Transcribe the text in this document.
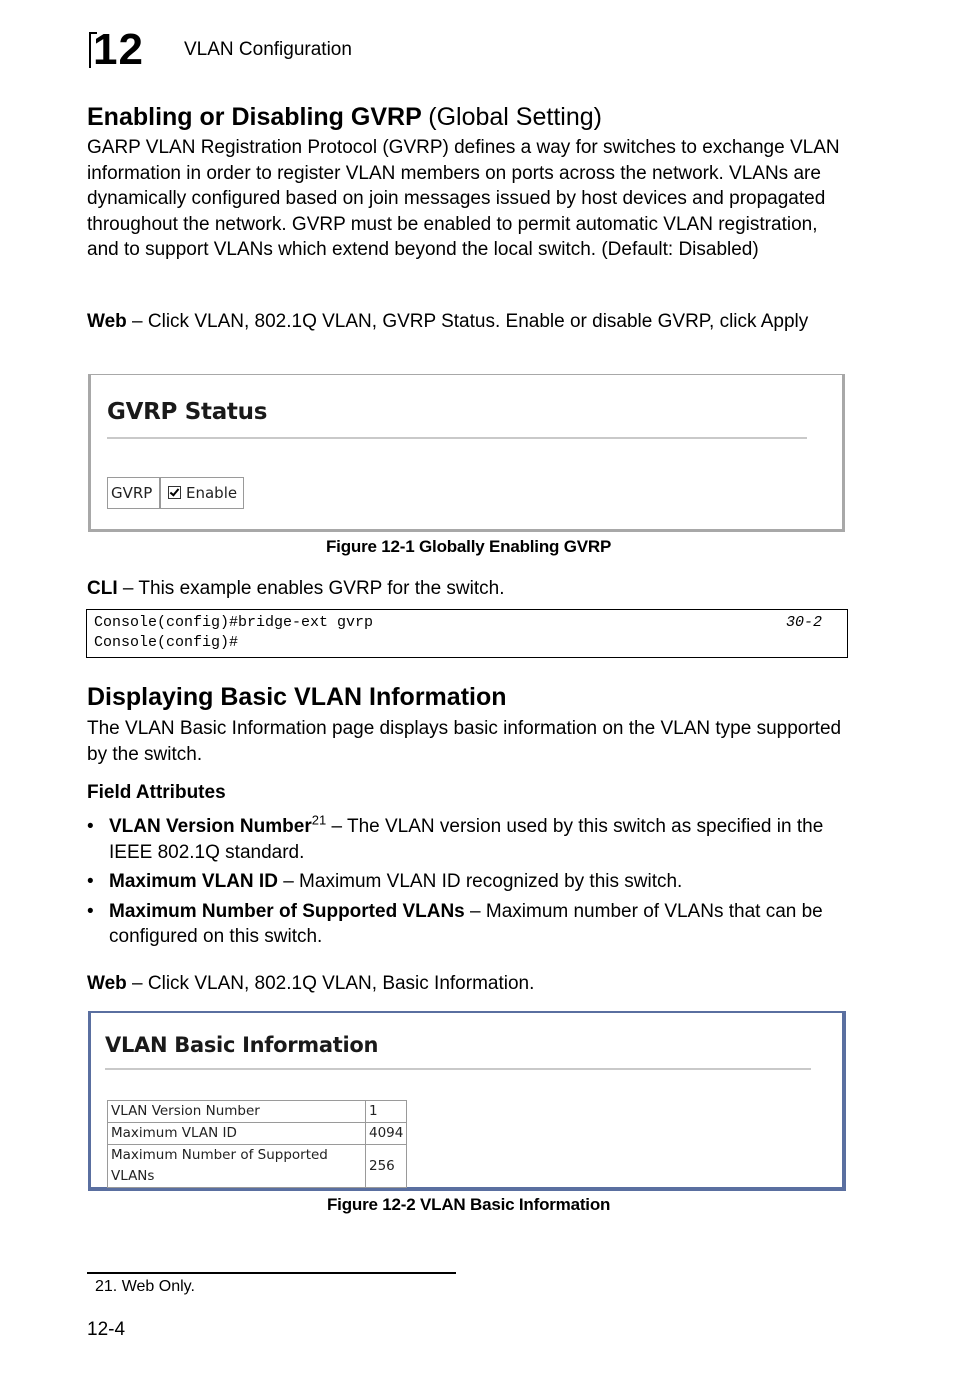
12 VLAN Configuration
Enabling or Disabling GVRP (Global Setting)
GARP VLAN Registration Protocol (GVRP) defines a way for switches to exchange VLAN information in order to register VLAN members on ports across the network. VLANs are dynamically configured based on join messages issued by host devices and propagated throughout the network. GVRP must be enabled to permit automatic VLAN registration, and to support VLANs which extend beyond the local switch. (Default: Disabled)
Web – Click VLAN, 802.1Q VLAN, GVRP Status. Enable or disable GVRP, click Apply
GVRP Status
GVRP	Enable
Figure 12-1 Globally Enabling GVRP
CLI – This example enables GVRP for the switch.
Console(config)#bridge-ext gvrp	30-2
Console(config)#
Displaying Basic VLAN Information
The VLAN Basic Information page displays basic information on the VLAN type supported by the switch.
Field Attributes
• VLAN Version Number$^{21}$ – The VLAN version used by this switch as specified in the IEEE 802.1Q standard.
• Maximum VLAN ID – Maximum VLAN ID recognized by this switch.
• Maximum Number of Supported VLANs – Maximum number of VLANs that can be configured on this switch.
Web – Click VLAN, 802.1Q VLAN, Basic Information.
VLAN Basic Information
VLAN Version Number	1
Maximum VLAN ID	4094
Maximum Number of Supported VLANs	256
Figure 12-2 VLAN Basic Information
21. Web Only.
12-4
